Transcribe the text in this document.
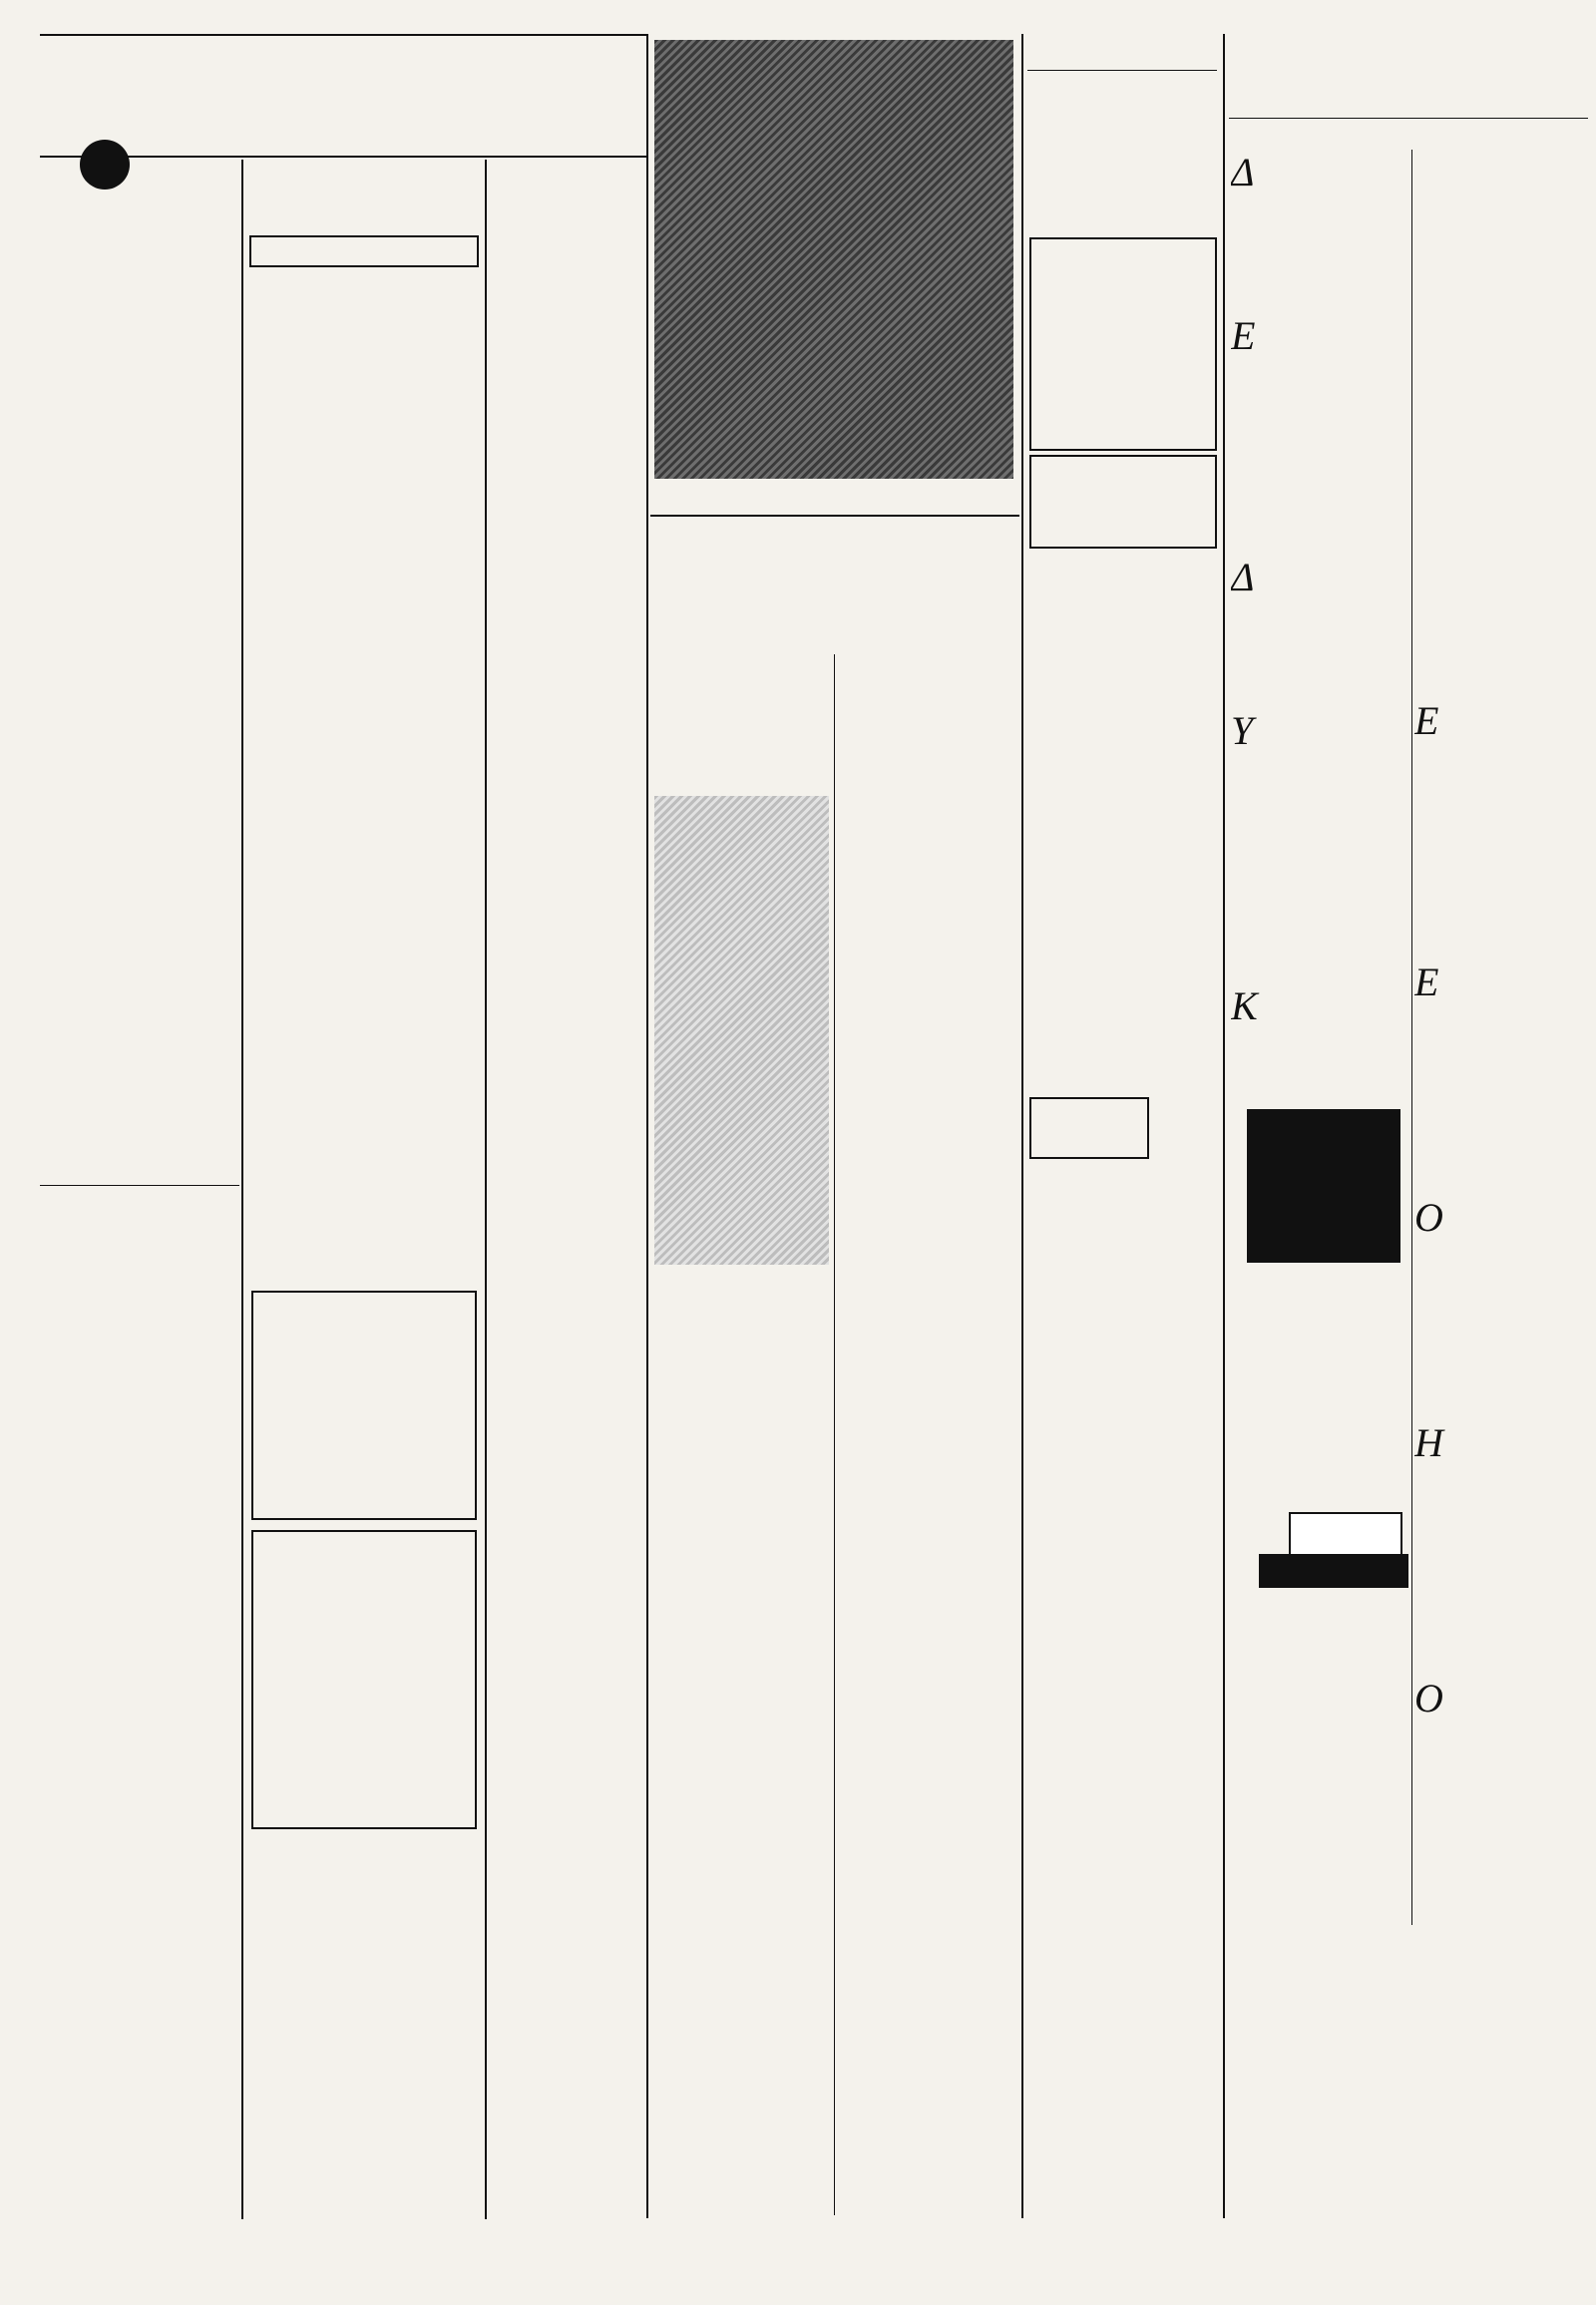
Δ
Ε
Δ
Υ
Κ
Ε
Ε
Ο
Η
Ο
